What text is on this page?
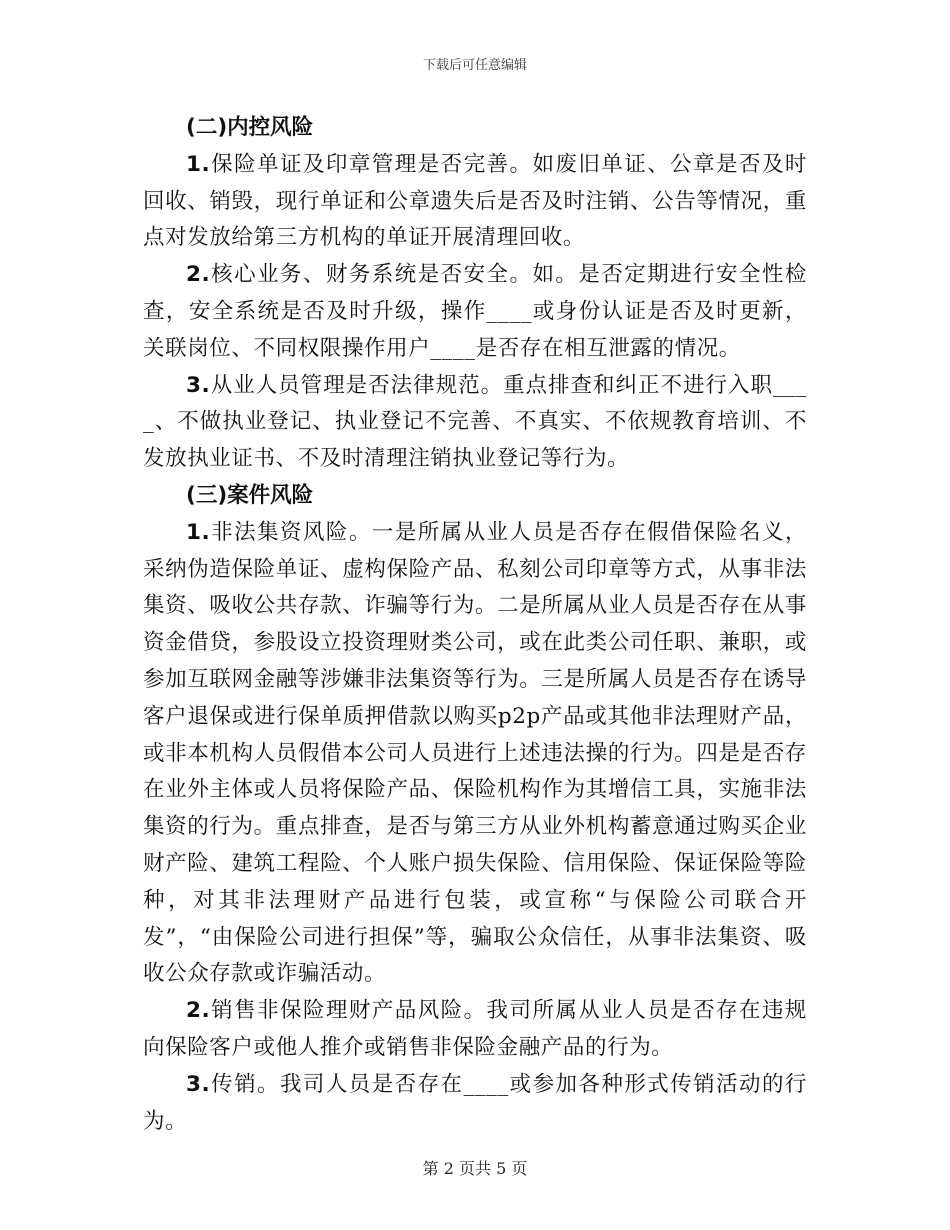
下载后可任意编辑

(二)内控风险

1.保险单证及印章管理是否完善。如废旧单证、公章是否及时回收、销毁，现行单证和公章遗失后是否及时注销、公告等情况，重点对发放给第三方机构的单证开展清理回收。

2.核心业务、财务系统是否安全。如。是否定期进行安全性检查，安全系统是否及时升级，操作____或身份认证是否及时更新，关联岗位、不同权限操作用户____是否存在相互泄露的情况。

3.从业人员管理是否法律规范。重点排查和纠正不进行入职____、不做执业登记、执业登记不完善、不真实、不依规教育培训、不发放执业证书、不及时清理注销执业登记等行为。

(三)案件风险

1.非法集资风险。一是所属从业人员是否存在假借保险名义，采纳伪造保险单证、虚构保险产品、私刻公司印章等方式，从事非法集资、吸收公共存款、诈骗等行为。二是所属从业人员是否存在从事资金借贷，参股设立投资理财类公司，或在此类公司任职、兼职，或参加互联网金融等涉嫌非法集资等行为。三是所属人员是否存在诱导客户退保或进行保单质押借款以购买p2p产品或其他非法理财产品，或非本机构人员假借本公司人员进行上述违法操的行为。四是是否存在业外主体或人员将保险产品、保险机构作为其增信工具，实施非法集资的行为。重点排查，是否与第三方从业外机构蓄意通过购买企业财产险、建筑工程险、个人账户损失保险、信用保险、保证保险等险种，对其非法理财产品进行包装，或宣称“与保险公司联合开发”，“由保险公司进行担保”等，骗取公众信任，从事非法集资、吸收公众存款或诈骗活动。

2.销售非保险理财产品风险。我司所属从业人员是否存在违规向保险客户或他人推介或销售非保险金融产品的行为。

3.传销。我司人员是否存在____或参加各种形式传销活动的行为。

第 2 页共 5 页
